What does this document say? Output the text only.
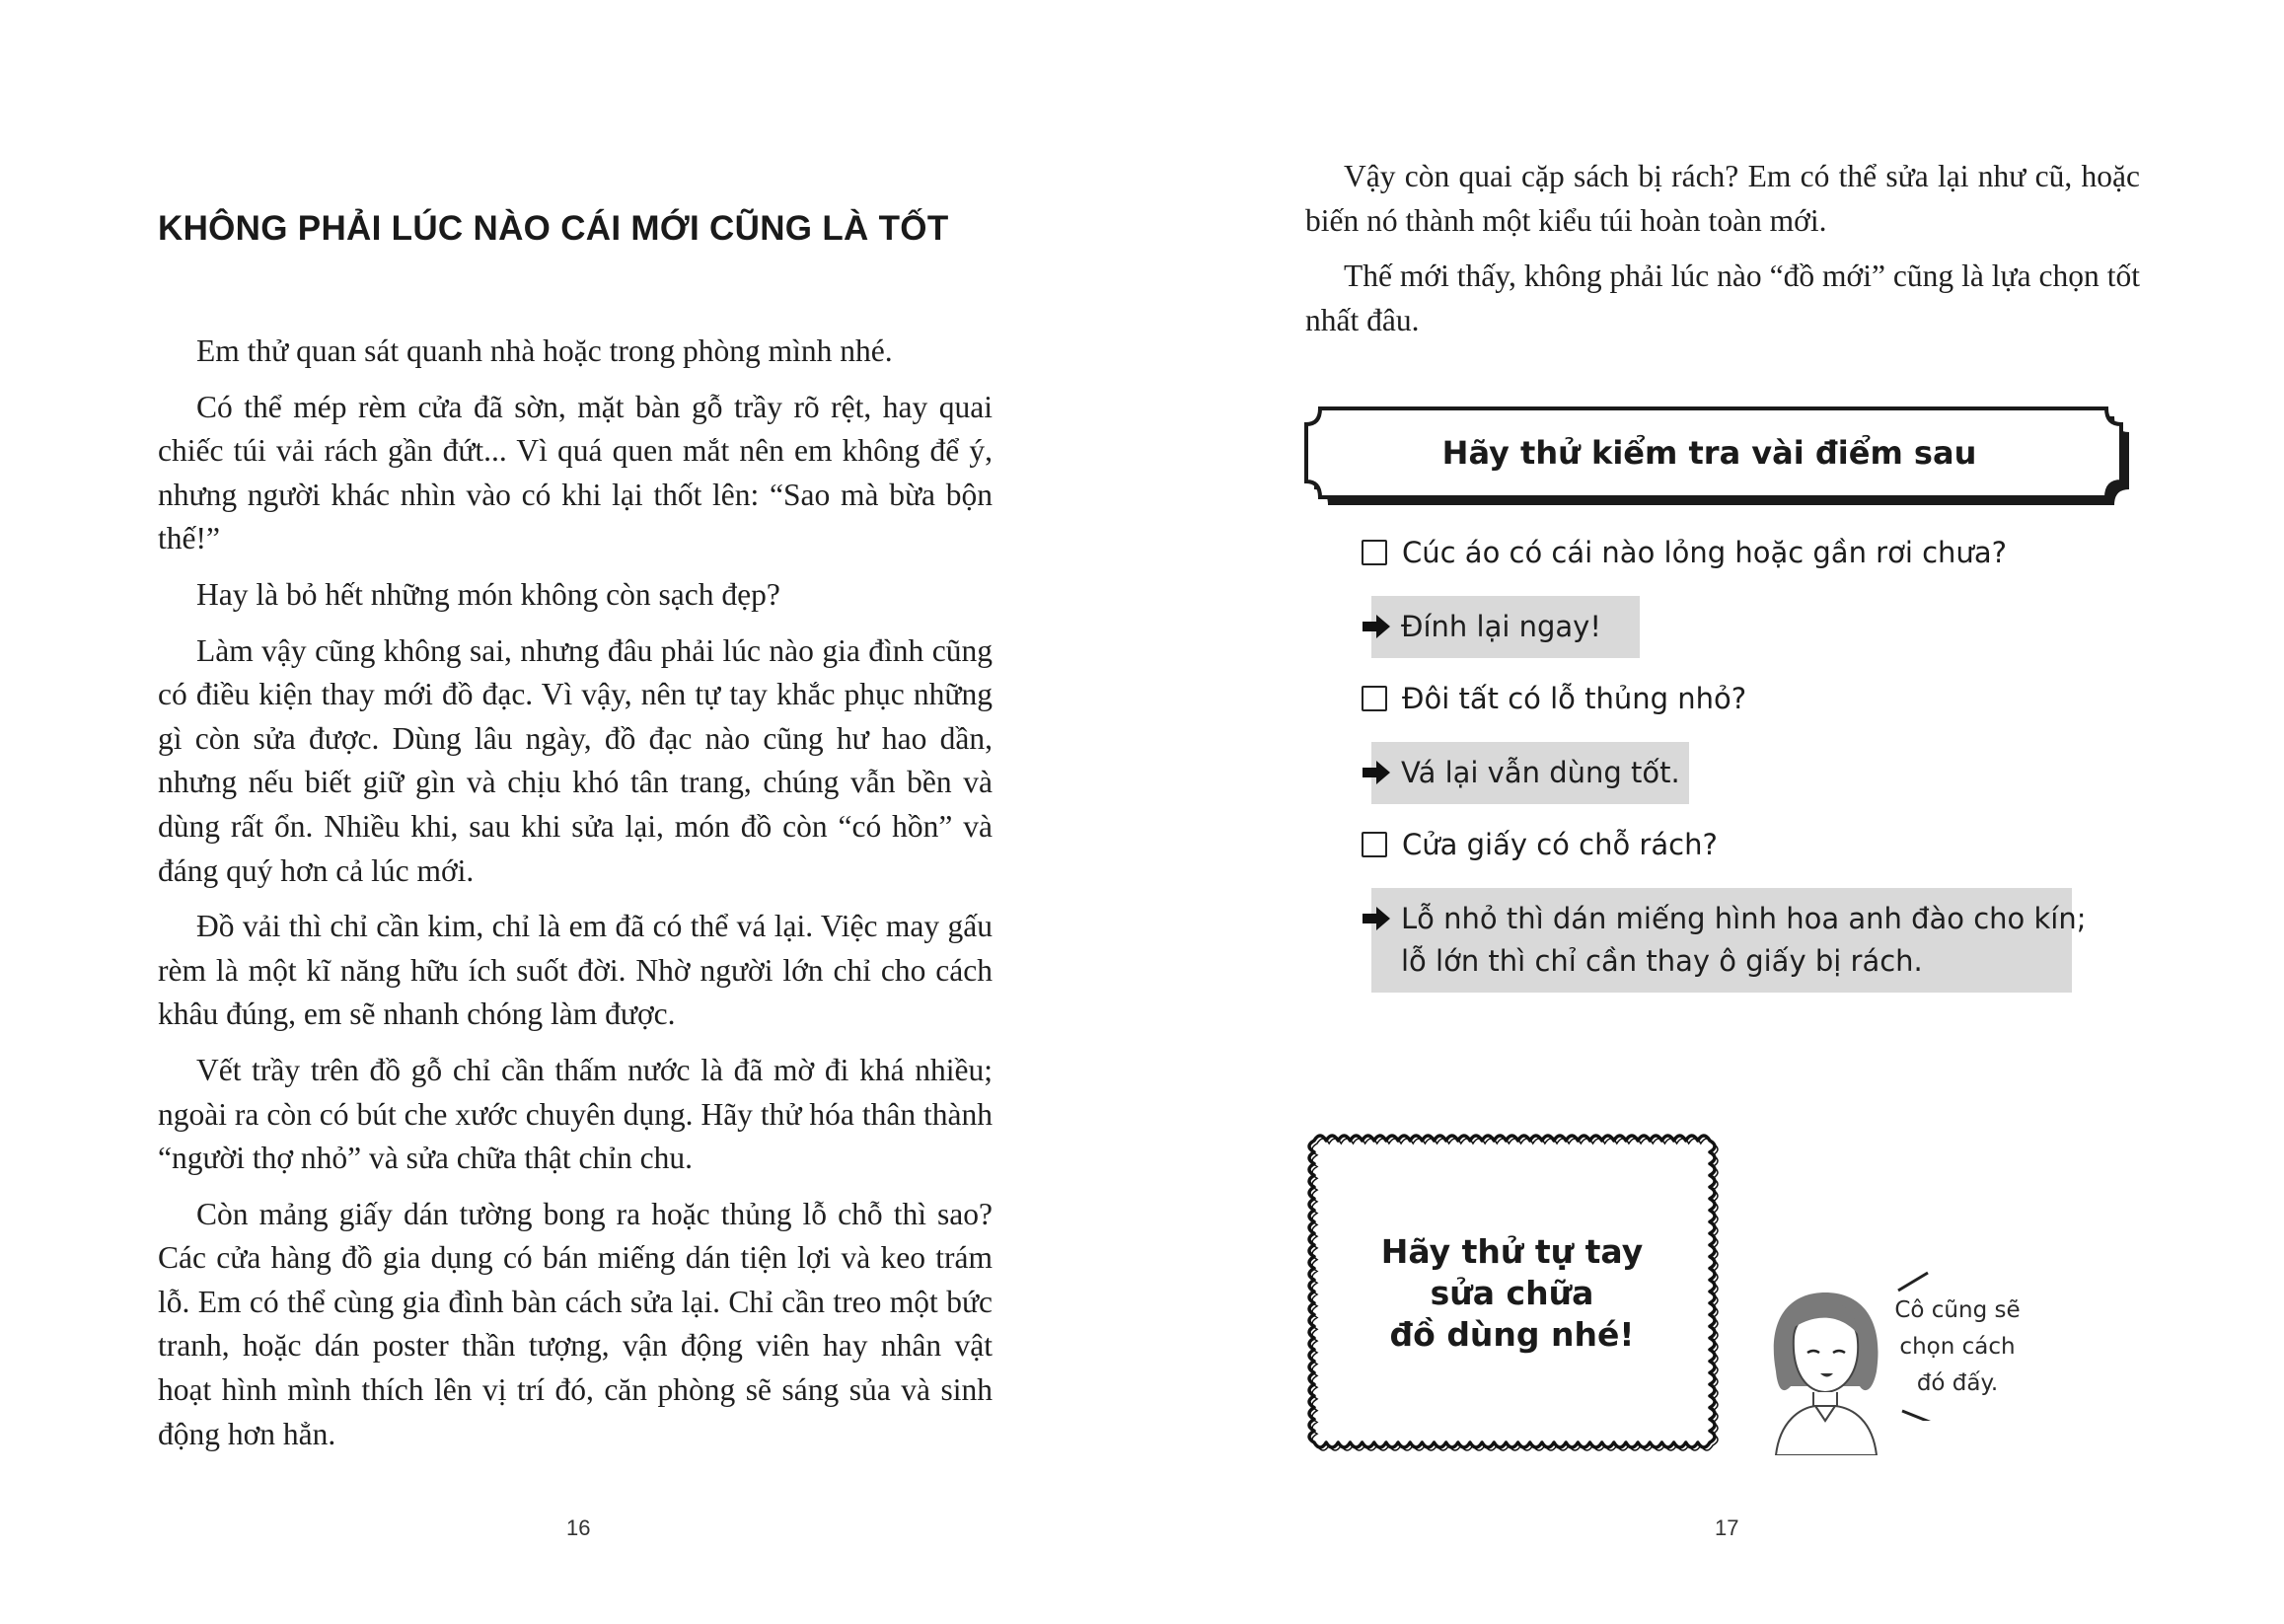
KHÔNG PHẢI LÚC NÀO CÁI MỚI CŨNG LÀ TỐT

Em thử quan sát quanh nhà hoặc trong phòng mình nhé.

Có thể mép rèm cửa đã sờn, mặt bàn gỗ trầy rõ rệt, hay quai chiếc túi vải rách gần đứt... Vì quá quen mắt nên em không để ý, nhưng người khác nhìn vào có khi lại thốt lên: “Sao mà bừa bộn thế!”

Hay là bỏ hết những món không còn sạch đẹp?

Làm vậy cũng không sai, nhưng đâu phải lúc nào gia đình cũng có điều kiện thay mới đồ đạc. Vì vậy, nên tự tay khắc phục những gì còn sửa được. Dùng lâu ngày, đồ đạc nào cũng hư hao dần, nhưng nếu biết giữ gìn và chịu khó tân trang, chúng vẫn bền và dùng rất ổn. Nhiều khi, sau khi sửa lại, món đồ còn “có hồn” và đáng quý hơn cả lúc mới.

Đồ vải thì chỉ cần kim, chỉ là em đã có thể vá lại. Việc may gấu rèm là một kĩ năng hữu ích suốt đời. Nhờ người lớn chỉ cho cách khâu đúng, em sẽ nhanh chóng làm được.

Vết trầy trên đồ gỗ chỉ cần thấm nước là đã mờ đi khá nhiều; ngoài ra còn có bút che xước chuyên dụng. Hãy thử hóa thân thành “người thợ nhỏ” và sửa chữa thật chỉn chu.

Còn mảng giấy dán tường bong ra hoặc thủng lỗ chỗ thì sao? Các cửa hàng đồ gia dụng có bán miếng dán tiện lợi và keo trám lỗ. Em có thể cùng gia đình bàn cách sửa lại. Chỉ cần treo một bức tranh, hoặc dán poster thần tượng, vận động viên hay nhân vật hoạt hình mình thích lên vị trí đó, căn phòng sẽ sáng sủa và sinh động hơn hẳn.

16

Vậy còn quai cặp sách bị rách? Em có thể sửa lại như cũ, hoặc biến nó thành một kiểu túi hoàn toàn mới.

Thế mới thấy, không phải lúc nào “đồ mới” cũng là lựa chọn tốt nhất đâu.

Hãy thử kiểm tra vài điểm sau
Cúc áo có cái nào lỏng hoặc gần rơi chưa?
Đính lại ngay!
Đôi tất có lỗ thủng nhỏ?
Vá lại vẫn dùng tốt.
Cửa giấy có chỗ rách?
Lỗ nhỏ thì dán miếng hình hoa anh đào cho kín;
lỗ lớn thì chỉ cần thay ô giấy bị rách.
Hãy thử tự tay
sửa chữa
đồ dùng nhé!
Cô cũng sẽ
chọn cách
đó đấy.
17
